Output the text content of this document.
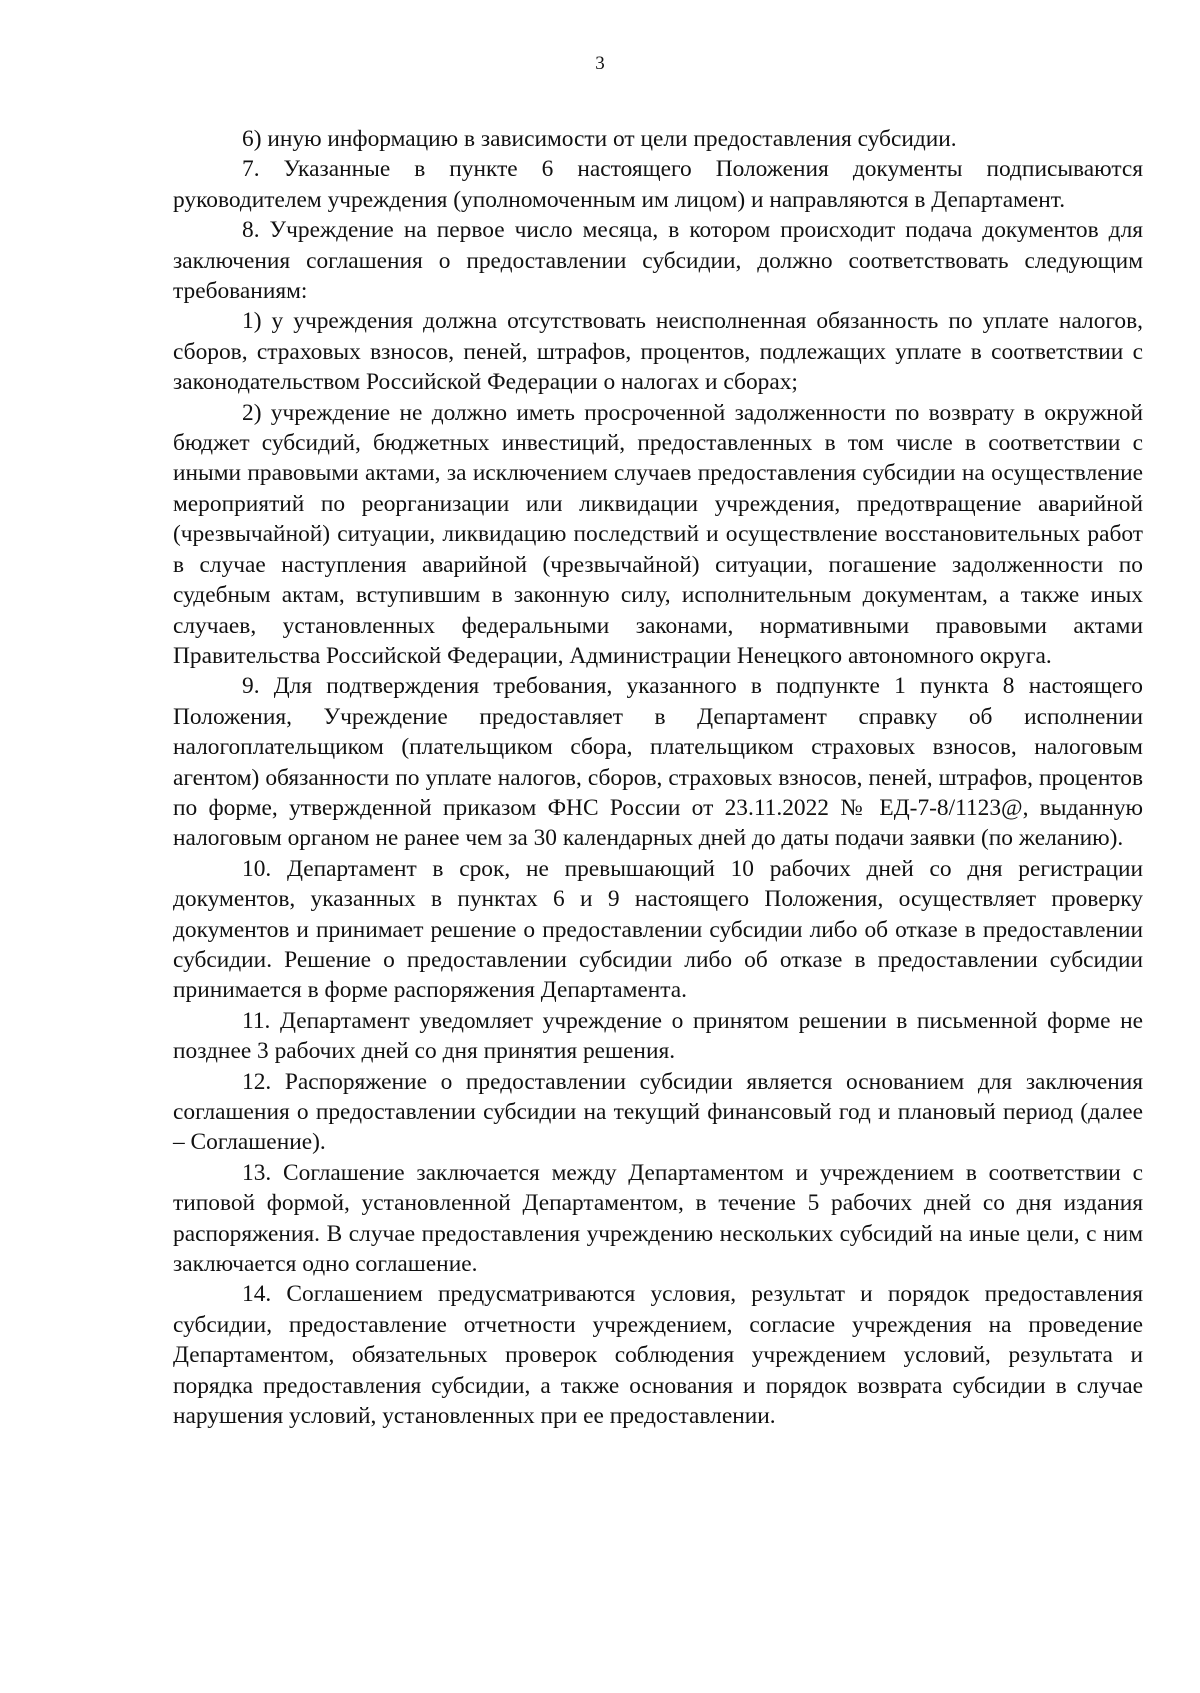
3

6) иную информацию в зависимости от цели предоставления субсидии.

7. Указанные в пункте 6 настоящего Положения документы подписываются руководителем учреждения (уполномоченным им лицом) и направляются в Департамент.

8. Учреждение на первое число месяца, в котором происходит подача документов для заключения соглашения о предоставлении субсидии, должно соответствовать следующим требованиям:

1) у учреждения должна отсутствовать неисполненная обязанность по уплате налогов, сборов, страховых взносов, пеней, штрафов, процентов, подлежащих уплате в соответствии с законодательством Российской Федерации о налогах и сборах;

2) учреждение не должно иметь просроченной задолженности по возврату в окружной бюджет субсидий, бюджетных инвестиций, предоставленных в том числе в соответствии с иными правовыми актами, за исключением случаев предоставления субсидии на осуществление мероприятий по реорганизации или ликвидации учреждения, предотвращение аварийной (чрезвычайной) ситуации, ликвидацию последствий и осуществление восстановительных работ в случае наступления аварийной (чрезвычайной) ситуации, погашение задолженности по судебным актам, вступившим в законную силу, исполнительным документам, а также иных случаев, установленных федеральными законами, нормативными правовыми актами Правительства Российской Федерации, Администрации Ненецкого автономного округа.

9. Для подтверждения требования, указанного в подпункте 1 пункта 8 настоящего Положения, Учреждение предоставляет в Департамент справку об исполнении налогоплательщиком (плательщиком сбора, плательщиком страховых взносов, налоговым агентом) обязанности по уплате налогов, сборов, страховых взносов, пеней, штрафов, процентов по форме, утвержденной приказом ФНС России от 23.11.2022 № ЕД-7-8/1123@, выданную налоговым органом не ранее чем за 30 календарных дней до даты подачи заявки (по желанию).

10. Департамент в срок, не превышающий 10 рабочих дней со дня регистрации документов, указанных в пунктах 6 и 9 настоящего Положения, осуществляет проверку документов и принимает решение о предоставлении субсидии либо об отказе в предоставлении субсидии. Решение о предоставлении субсидии либо об отказе в предоставлении субсидии принимается в форме распоряжения Департамента.

11. Департамент уведомляет учреждение о принятом решении в письменной форме не позднее 3 рабочих дней со дня принятия решения.

12. Распоряжение о предоставлении субсидии является основанием для заключения соглашения о предоставлении субсидии на текущий финансовый год и плановый период (далее – Соглашение).

13. Соглашение заключается между Департаментом и учреждением в соответствии с типовой формой, установленной Департаментом, в течение 5 рабочих дней со дня издания распоряжения. В случае предоставления учреждению нескольких субсидий на иные цели, с ним заключается одно соглашение.

14. Соглашением предусматриваются условия, результат и порядок предоставления субсидии, предоставление отчетности учреждением, согласие учреждения на проведение Департаментом, обязательных проверок соблюдения учреждением условий, результата и порядка предоставления субсидии, а также основания и порядок возврата субсидии в случае нарушения условий, установленных при ее предоставлении.
